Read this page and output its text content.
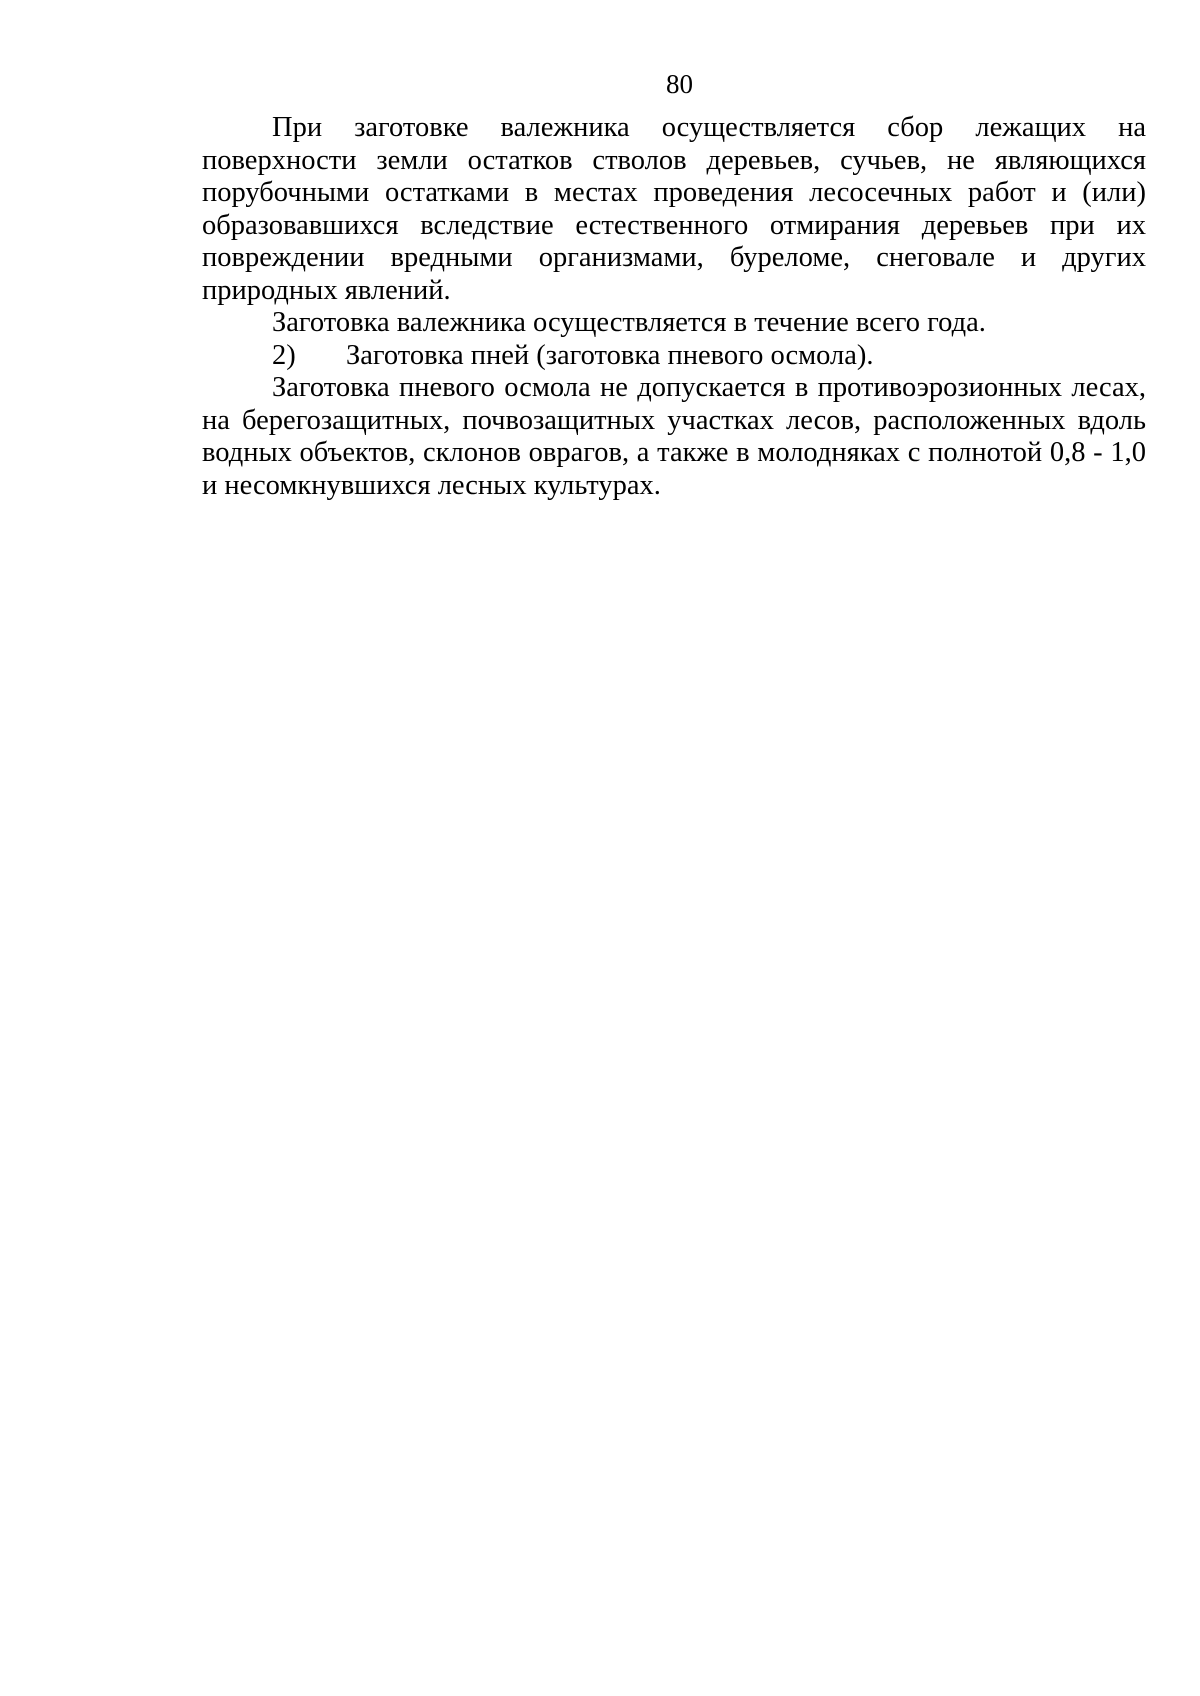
80

При заготовке валежника осуществляется сбор лежащих на поверхности земли остатков стволов деревьев, сучьев, не являющихся порубочными остатками в местах проведения лесосечных работ и (или) образовавшихся вследствие естественного отмирания деревьев при их повреждении вредными организмами, буреломе, снеговале и других природных явлений.

Заготовка валежника осуществляется в течение всего года.

2) Заготовка пней (заготовка пневого осмола).

Заготовка пневого осмола не допускается в противоэрозионных лесах, на берегозащитных, почвозащитных участках лесов, расположенных вдоль водных объектов, склонов оврагов, а также в молодняках с полнотой 0,8 - 1,0 и несомкнувшихся лесных культурах.
